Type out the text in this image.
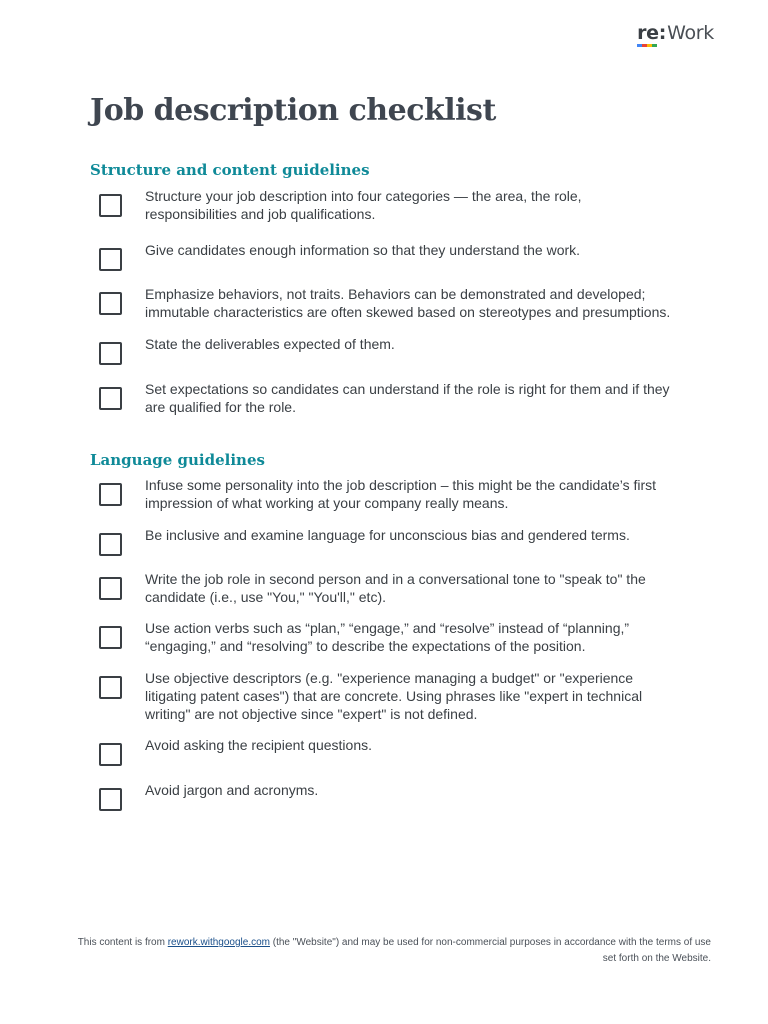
re:Work
Job description checklist
Structure and content guidelines
Structure your job description into four categories — the area, the role, responsibilities and job qualifications.
Give candidates enough information so that they understand the work.
Emphasize behaviors, not traits. Behaviors can be demonstrated and developed; immutable characteristics are often skewed based on stereotypes and presumptions.
State the deliverables expected of them.
Set expectations so candidates can understand if the role is right for them and if they are qualified for the role.
Language guidelines
Infuse some personality into the job description – this might be the candidate’s first impression of what working at your company really means.
Be inclusive and examine language for unconscious bias and gendered terms.
Write the job role in second person and in a conversational tone to "speak to" the candidate (i.e., use "You," "You'll," etc).
Use action verbs such as “plan,” “engage,” and “resolve” instead of “planning,” “engaging,” and “resolving” to describe the expectations of the position.
Use objective descriptors (e.g. "experience managing a budget" or "experience litigating patent cases") that are concrete. Using phrases like "expert in technical writing" are not objective since "expert" is not defined.
Avoid asking the recipient questions.
Avoid jargon and acronyms.
This content is from rework.withgoogle.com (the "Website") and may be used for non-commercial purposes in accordance with the terms of use set forth on the Website.
